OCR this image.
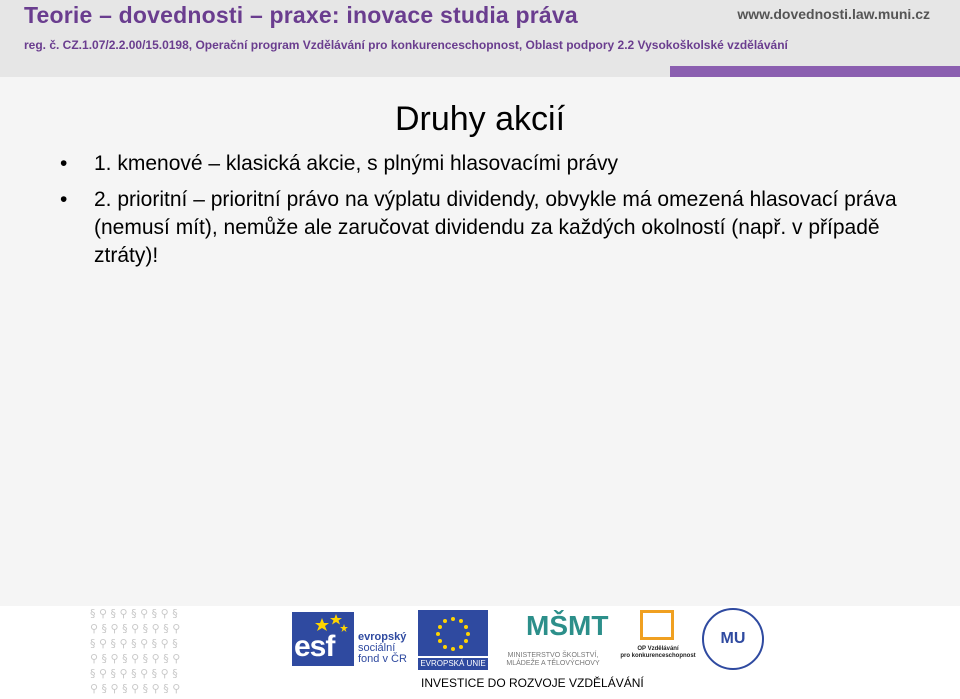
Teorie – dovednosti – praxe: inovace studia práva	www.dovednosti.law.muni.cz
reg. č. CZ.1.07/2.2.00/15.0198, Operační program Vzdělávání pro konkurenceschopnost, Oblast podpory 2.2 Vysokoškolské vzdělávání
Druhy akcií
• 1. kmenové – klasická akcie, s plnými hlasovacími právy
• 2. prioritní – prioritní právo na výplatu dividendy, obvykle má omezená hlasovací práva (nemusí mít), nemůže ale zaručovat dividendu za každých okolností (např. v případě ztráty)!
§ ⚲ § ⚲ § ⚲ § ⚲ §
⚲ § ⚲ § ⚲ § ⚲ § ⚲
§ ⚲ § ⚲ § ⚲ § ⚲ §
⚲ § ⚲ § ⚲ § ⚲ § ⚲
§ ⚲ § ⚲ § ⚲ § ⚲ §
⚲ § ⚲ § ⚲ § ⚲ § ⚲
esf evropský
sociální
fond v ČR EVROPSKÁ UNIE
MŠMT
MINISTERSTVO ŠKOLSTVÍ,
MLÁDEŽE A TĚLOVÝCHOVY
OP Vzdělávání
pro konkurenceschopnost
MU
INVESTICE DO ROZVOJE VZDĚLÁVÁNÍ
